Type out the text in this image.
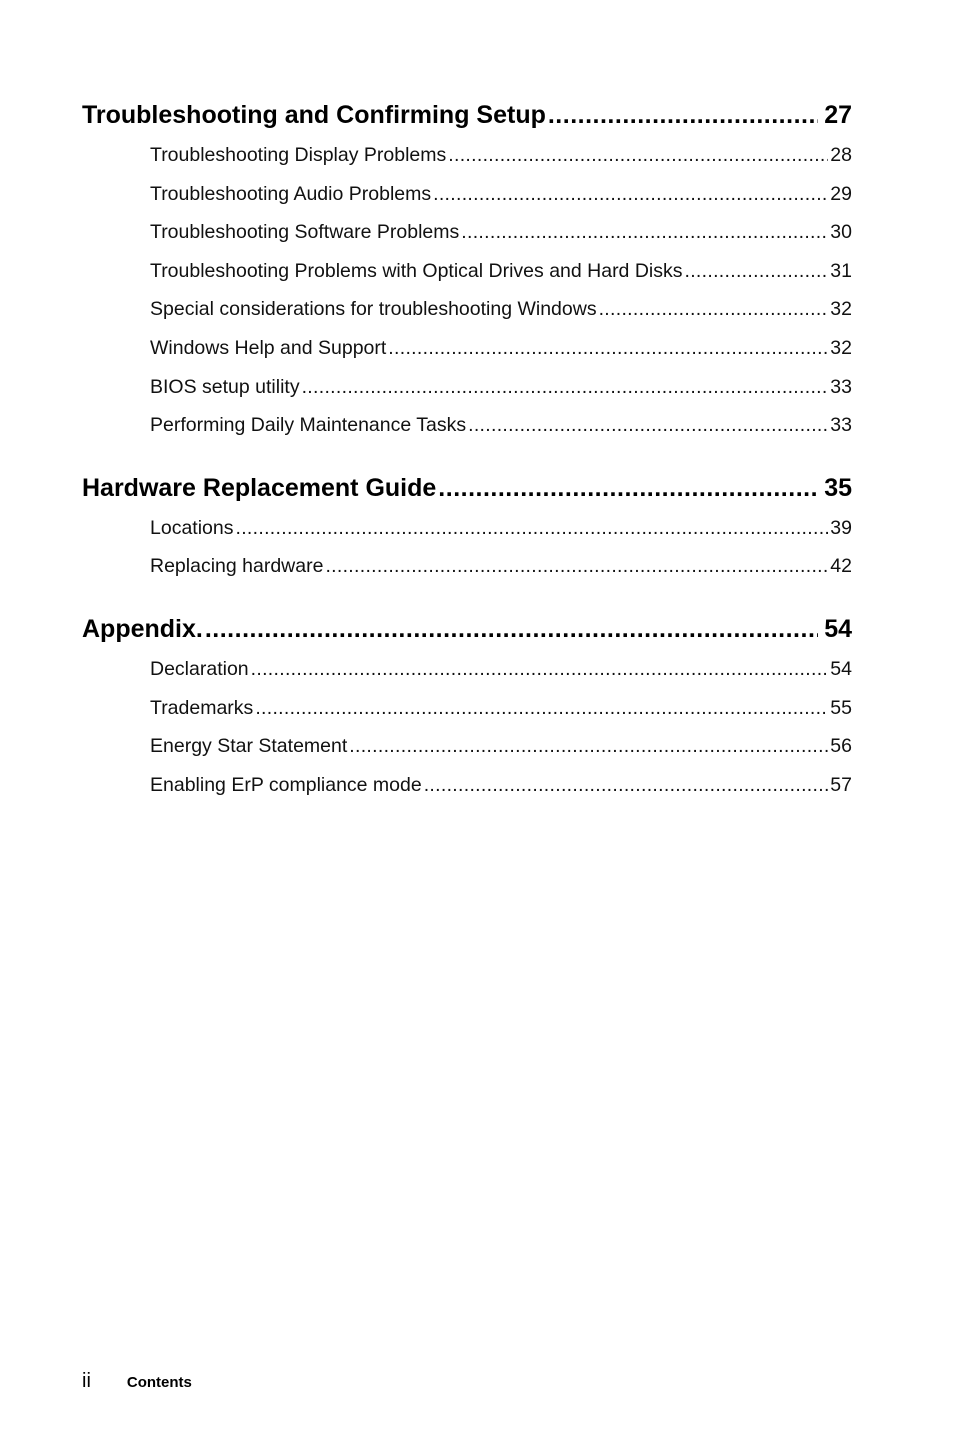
Troubleshooting and Confirming Setup .....	27
Troubleshooting Display Problems .....	28
Troubleshooting Audio Problems .....	29
Troubleshooting Software Problems .....	30
Troubleshooting Problems with Optical Drives and Hard Disks .....	31
Special considerations for troubleshooting Windows .....	32
Windows Help and Support .....	32
BIOS setup utility .....	33
Performing Daily Maintenance Tasks .....	33
Hardware Replacement Guide .....	35
Locations .....	39
Replacing hardware .....	42
Appendix. .....	54
Declaration .....	54
Trademarks .....	55
Energy Star Statement .....	56
Enabling ErP compliance mode .....	57
ii Contents
